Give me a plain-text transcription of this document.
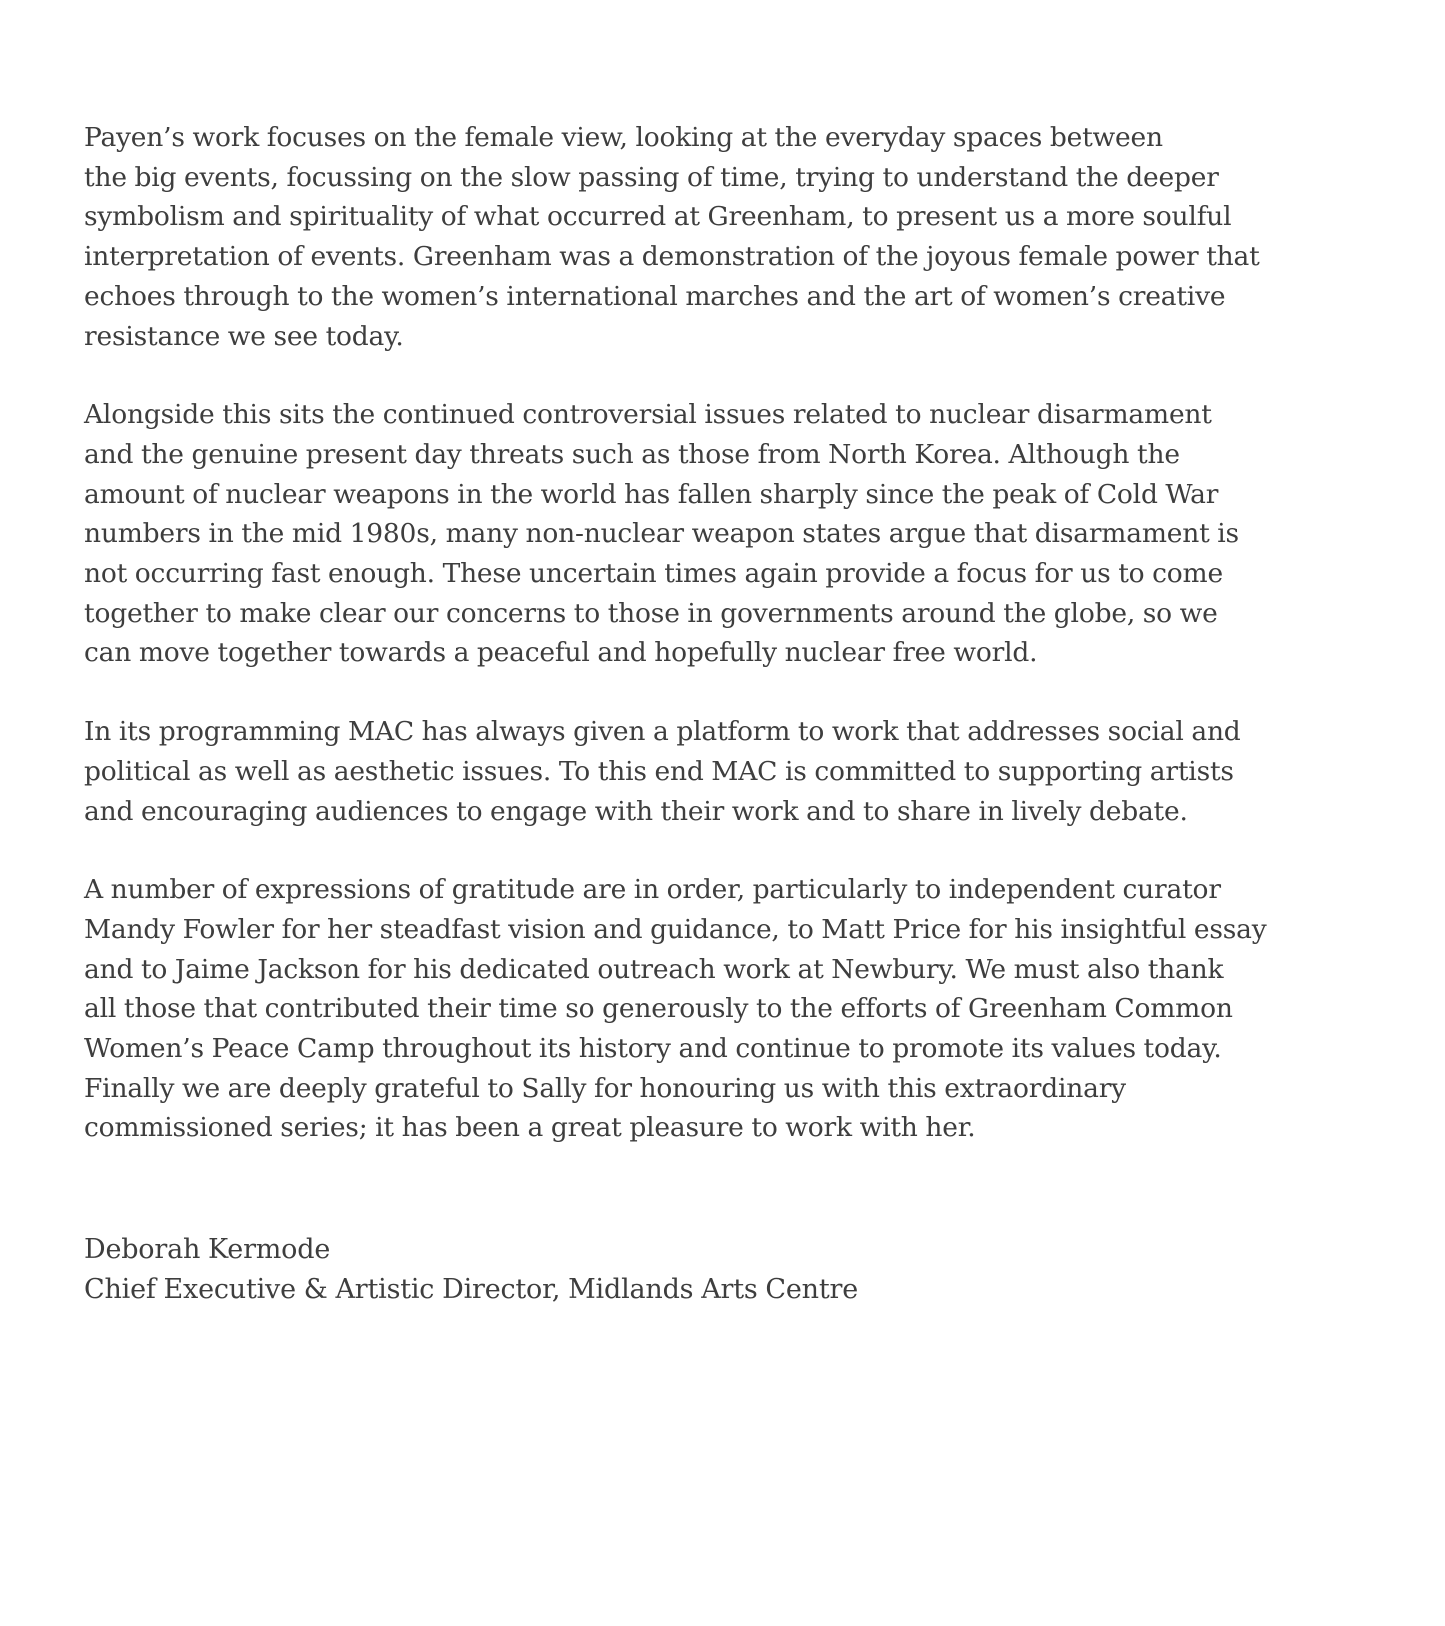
Payen’s work focuses on the female view, looking at the everyday spaces between
the big events, focussing on the slow passing of time, trying to understand the deeper
symbolism and spirituality of what occurred at Greenham, to present us a more soulful
interpretation of events. Greenham was a demonstration of the joyous female power that
echoes through to the women’s international marches and the art of women’s creative
resistance we see today.

Alongside this sits the continued controversial issues related to nuclear disarmament
and the genuine present day threats such as those from North Korea. Although the
amount of nuclear weapons in the world has fallen sharply since the peak of Cold War
numbers in the mid 1980s, many non-nuclear weapon states argue that disarmament is
not occurring fast enough. These uncertain times again provide a focus for us to come
together to make clear our concerns to those in governments around the globe, so we
can move together towards a peaceful and hopefully nuclear free world.

In its programming MAC has always given a platform to work that addresses social and
political as well as aesthetic issues. To this end MAC is committed to supporting artists
and encouraging audiences to engage with their work and to share in lively debate.

A number of expressions of gratitude are in order, particularly to independent curator
Mandy Fowler for her steadfast vision and guidance, to Matt Price for his insightful essay
and to Jaime Jackson for his dedicated outreach work at Newbury. We must also thank
all those that contributed their time so generously to the efforts of Greenham Common
Women’s Peace Camp throughout its history and continue to promote its values today.
Finally we are deeply grateful to Sally for honouring us with this extraordinary
commissioned series; it has been a great pleasure to work with her.

Deborah Kermode
Chief Executive & Artistic Director, Midlands Arts Centre
